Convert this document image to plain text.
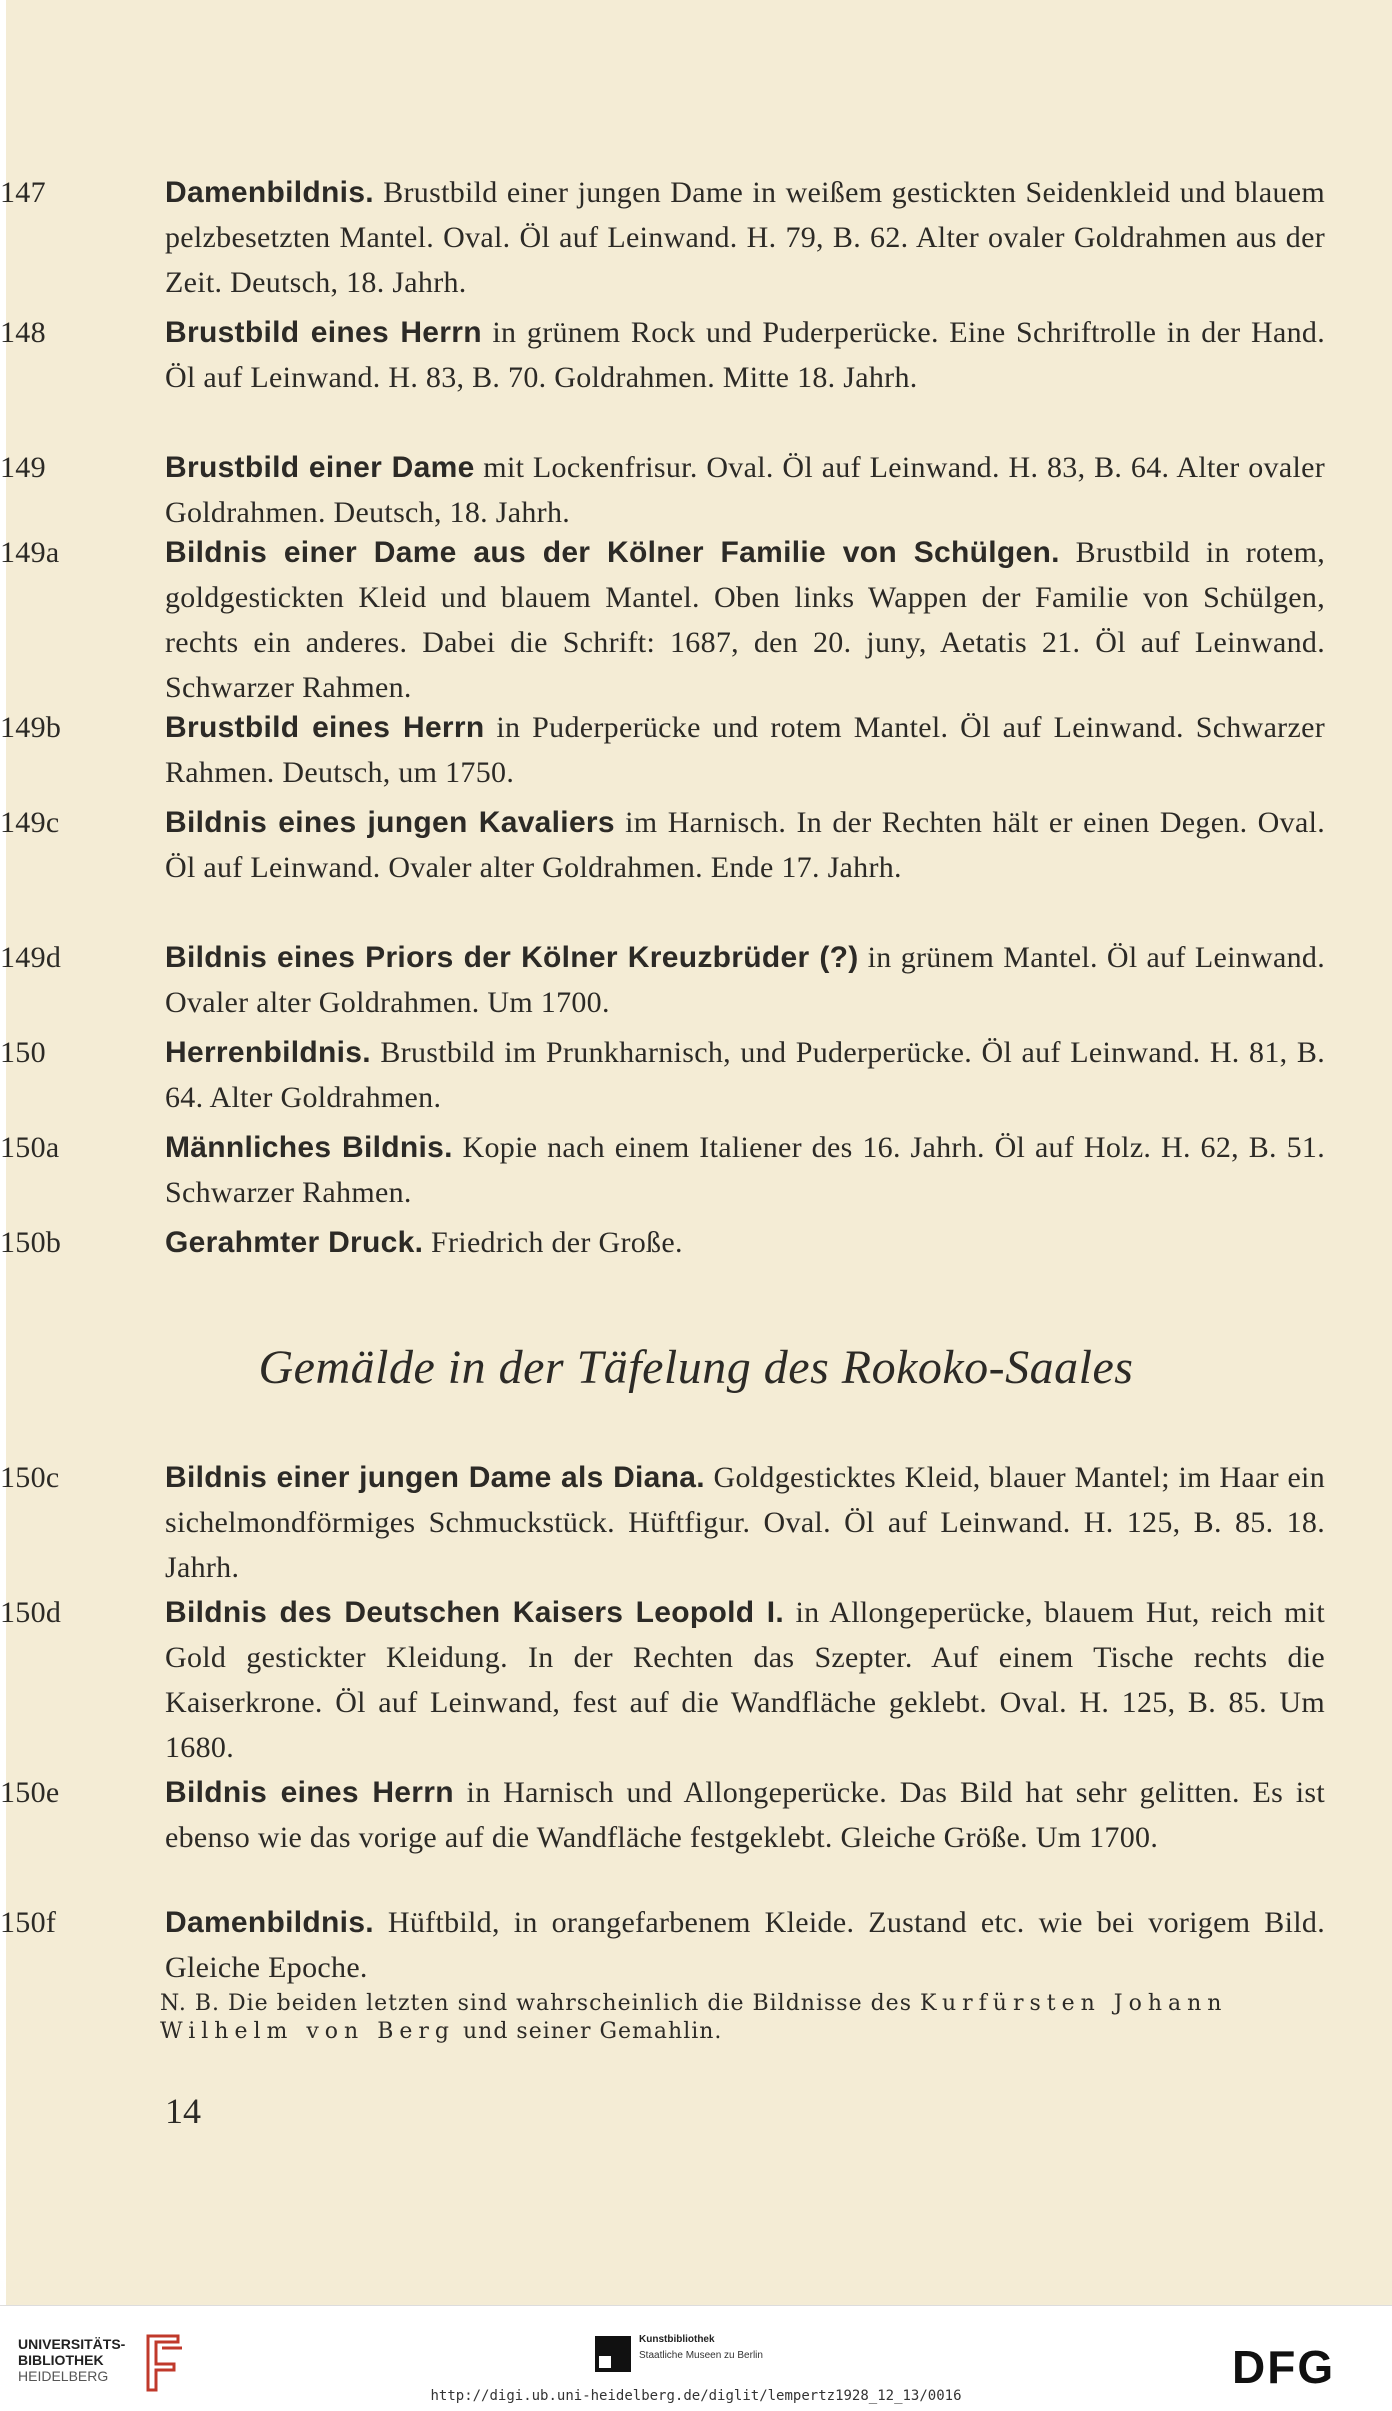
147	Damenbildnis. Brustbild einer jungen Dame in weißem gestickten Seidenkleid und blauem pelzbesetzten Mantel. Oval. Öl auf Leinwand. H. 79, B. 62. Alter ovaler Goldrahmen aus der Zeit. Deutsch, 18. Jahrh.
148	Brustbild eines Herrn in grünem Rock und Puderperücke. Eine Schriftrolle in der Hand. Öl auf Leinwand. H. 83, B. 70. Goldrahmen. Mitte 18. Jahrh.
149	Brustbild einer Dame mit Lockenfrisur. Oval. Öl auf Leinwand. H. 83, B. 64. Alter ovaler Goldrahmen. Deutsch, 18. Jahrh.
149a	Bildnis einer Dame aus der Kölner Familie von Schülgen. Brustbild in rotem, goldgestickten Kleid und blauem Mantel. Oben links Wappen der Familie von Schülgen, rechts ein anderes. Dabei die Schrift: 1687, den 20. juny, Aetatis 21. Öl auf Leinwand. Schwarzer Rahmen.
149b	Brustbild eines Herrn in Puderperücke und rotem Mantel. Öl auf Leinwand. Schwarzer Rahmen. Deutsch, um 1750.
149c	Bildnis eines jungen Kavaliers im Harnisch. In der Rechten hält er einen Degen. Oval. Öl auf Leinwand. Ovaler alter Goldrahmen. Ende 17. Jahrh.
149d	Bildnis eines Priors der Kölner Kreuzbrüder (?) in grünem Mantel. Öl auf Leinwand. Ovaler alter Goldrahmen. Um 1700.
150	Herrenbildnis. Brustbild im Prunkharnisch, und Puderperücke. Öl auf Leinwand. H. 81, B. 64. Alter Goldrahmen.
150a	Männliches Bildnis. Kopie nach einem Italiener des 16. Jahrh. Öl auf Holz. H. 62, B. 51. Schwarzer Rahmen.
150b	Gerahmter Druck. Friedrich der Große.
Gemälde in der Täfelung des Rokoko-Saales
150c	Bildnis einer jungen Dame als Diana. Goldgesticktes Kleid, blauer Mantel; im Haar ein sichelmondförmiges Schmuckstück. Hüftfigur. Oval. Öl auf Leinwand. H. 125, B. 85. 18. Jahrh.
150d	Bildnis des Deutschen Kaisers Leopold I. in Allongeperücke, blauem Hut, reich mit Gold gestickter Kleidung. In der Rechten das Szepter. Auf einem Tische rechts die Kaiserkrone. Öl auf Leinwand, fest auf die Wandfläche geklebt. Oval. H. 125, B. 85. Um 1680.
150e	Bildnis eines Herrn in Harnisch und Allongeperücke. Das Bild hat sehr gelitten. Es ist ebenso wie das vorige auf die Wandfläche festgeklebt. Gleiche Größe. Um 1700.
150f	Damenbildnis. Hüftbild, in orangefarbenem Kleide. Zustand etc. wie bei vorigem Bild. Gleiche Epoche.
N. B. Die beiden letzten sind wahrscheinlich die Bildnisse des Kurfürsten Johann Wilhelm von Berg und seiner Gemahlin.
14
UNIVERSITÄTS-
BIBLIOTHEK
HEIDELBERG
Kunstbibliothek
Staatliche Museen zu Berlin	DFG
http://digi.ub.uni-heidelberg.de/diglit/lempertz1928_12_13/0016
